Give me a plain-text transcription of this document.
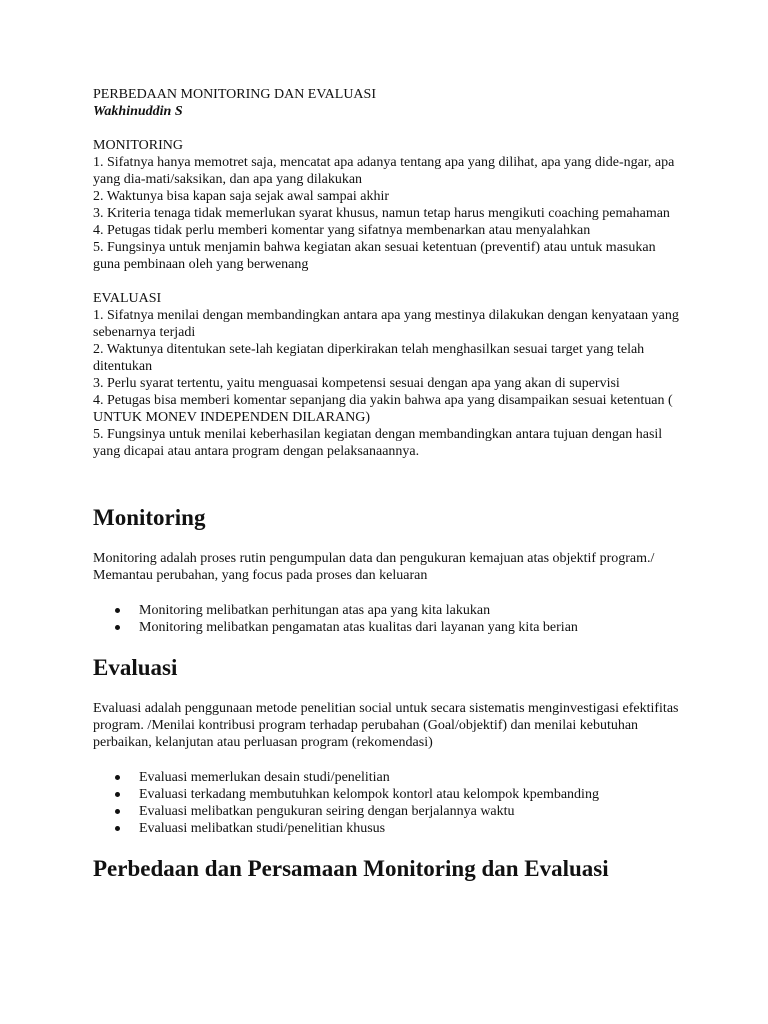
PERBEDAAN MONITORING DAN EVALUASI

Wakhinuddin S

MONITORING

1. Sifatnya hanya memotret saja, mencatat apa adanya tentang apa yang dilihat, apa yang dide-ngar, apa yang dia-mati/saksikan, dan apa yang dilakukan

2. Waktunya bisa kapan saja sejak awal sampai akhir

3. Kriteria tenaga tidak memerlukan syarat khusus, namun tetap harus mengikuti coaching pemahaman

4. Petugas tidak perlu memberi komentar yang sifatnya membenarkan atau menyalahkan

5. Fungsinya untuk menjamin bahwa kegiatan akan sesuai ketentuan (preventif) atau untuk masukan guna pembinaan oleh yang berwenang

EVALUASI

1. Sifatnya menilai dengan membandingkan antara apa yang mestinya dilakukan dengan kenyataan yang sebenarnya terjadi

2. Waktunya ditentukan sete-lah kegiatan diperkirakan telah menghasilkan sesuai target yang telah ditentukan

3. Perlu syarat tertentu, yaitu menguasai kompetensi sesuai dengan apa yang akan di supervisi

4. Petugas bisa memberi komentar sepanjang dia yakin bahwa apa yang disampaikan sesuai ketentuan ( UNTUK MONEV INDEPENDEN DILARANG)

5. Fungsinya untuk menilai keberhasilan kegiatan dengan membandingkan antara tujuan dengan hasil yang dicapai atau antara program dengan pelaksanaannya.

Monitoring

Monitoring adalah proses rutin pengumpulan data dan pengukuran kemajuan atas objektif program./ Memantau perubahan, yang focus pada proses dan keluaran

Monitoring melibatkan perhitungan atas apa yang kita lakukan
Monitoring melibatkan pengamatan atas kualitas dari layanan yang kita berian
Evaluasi

Evaluasi adalah penggunaan metode penelitian social untuk secara sistematis menginvestigasi efektifitas program. /Menilai kontribusi program terhadap perubahan (Goal/objektif) dan menilai kebutuhan perbaikan, kelanjutan atau perluasan program (rekomendasi)

Evaluasi memerlukan desain studi/penelitian
Evaluasi terkadang membutuhkan kelompok kontorl atau kelompok kpembanding
Evaluasi melibatkan pengukuran seiring dengan berjalannya waktu
Evaluasi melibatkan studi/penelitian khusus
Perbedaan dan Persamaan Monitoring dan Evaluasi
